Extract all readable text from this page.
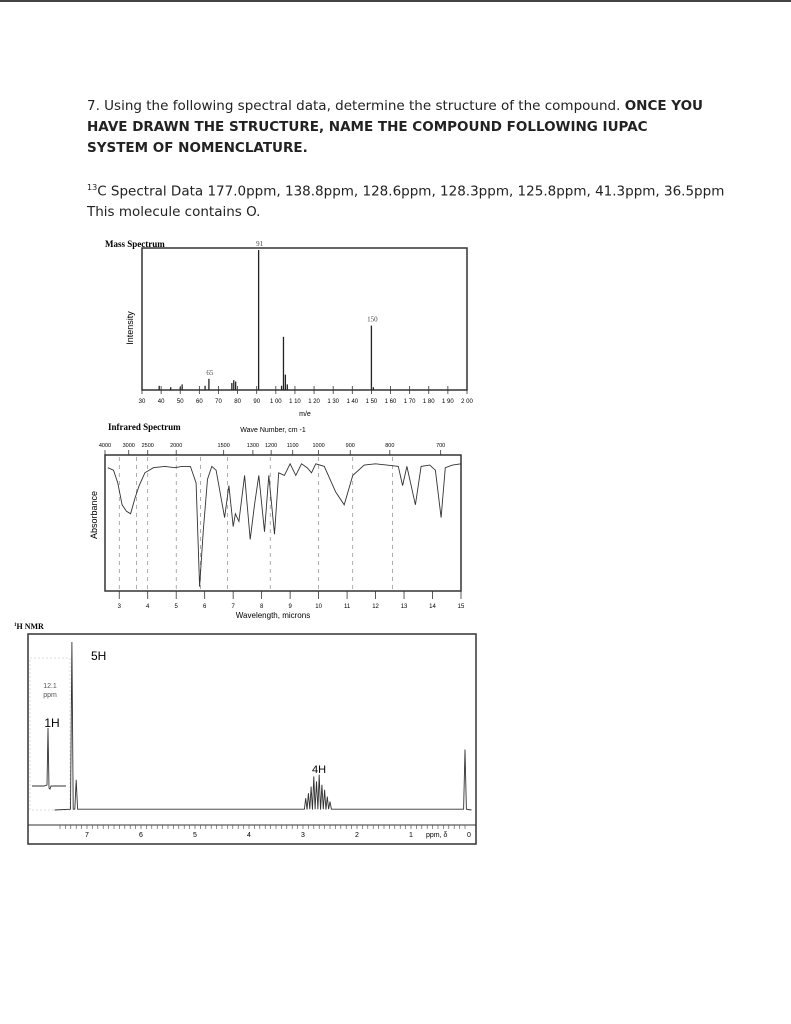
7. Using the following spectral data, determine the structure of the compound. ONCE YOU HAVE DRAWN THE STRUCTURE, NAME THE COMPOUND FOLLOWING IUPAC SYSTEM OF NOMENCLATURE.
$^{13}$C Spectral Data 177.0ppm, 138.8ppm, 128.6ppm, 128.3ppm, 125.8ppm, 41.3ppm, 36.5ppm
This molecule contains O.
Mass Spectrum
Intensity
30 40 50 60 70 80 90 1 00 1 10 1 20 1 30 1 40 1 50 1 60 1 70 1 80 1 90 2 00
65
91
150
m/e
Infrared Spectrum	Wave Number, cm -1
4000 3000 2500	2000	1500	1300 1200 1100	1000	900	800	700
Absorbance
3	4	5	6	7	8	9	10	11	12	13	14	15
Wavelength, microns
$^1$H NMR
12.1
ppm
1H
5H
4H
7	6	5	4	3	2	1	0
ppm, δ
